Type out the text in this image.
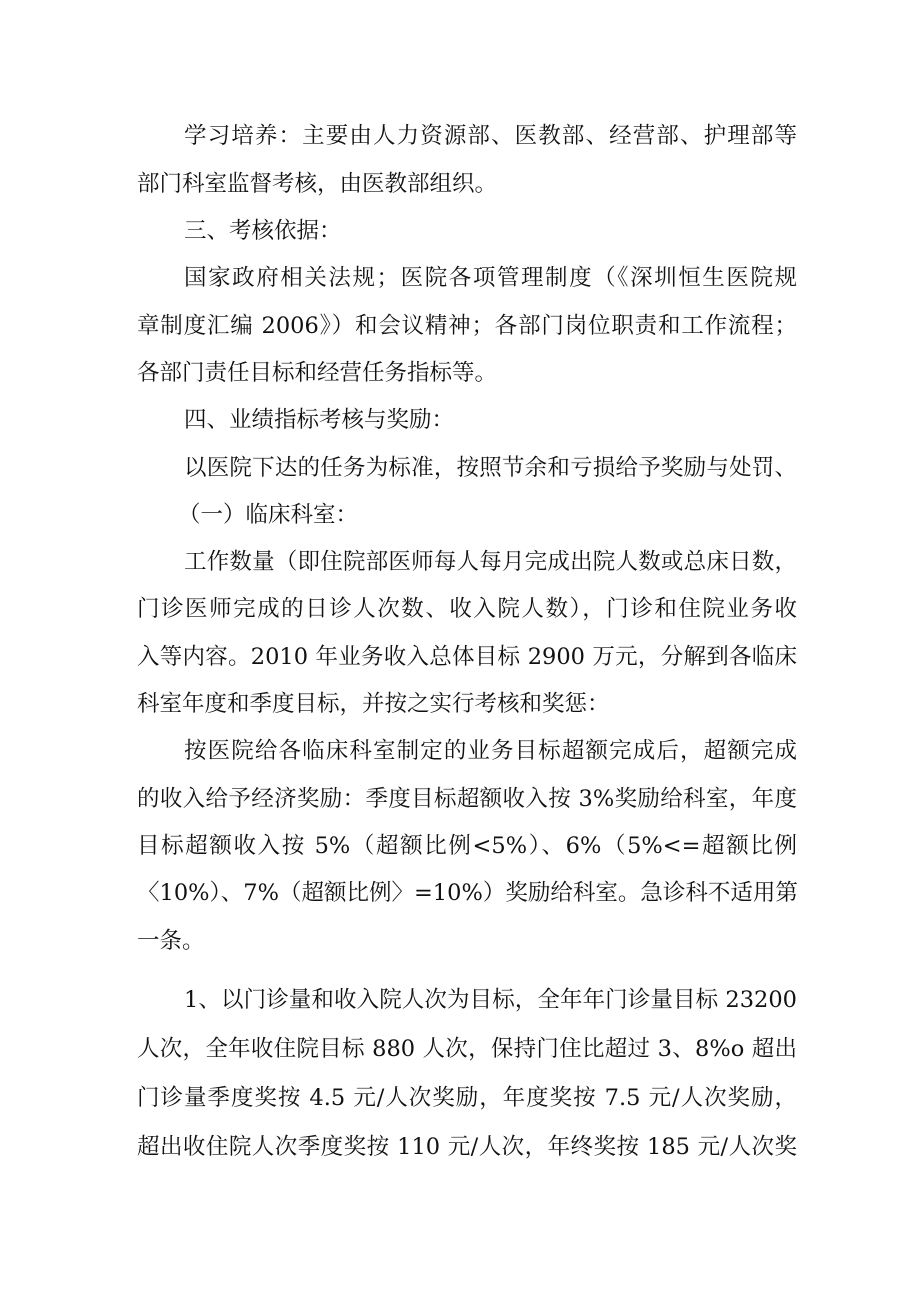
学习培养：主要由人力资源部、医教部、经营部、护理部等
部门科室监督考核，由医教部组织。
三、考核依据：
国家政府相关法规；医院各项管理制度（《深圳恒生医院规
章制度汇编 2006》）和会议精神；各部门岗位职责和工作流程；
各部门责任目标和经营任务指标等。
四、业绩指标考核与奖励：
以医院下达的任务为标准，按照节余和亏损给予奖励与处罚、
（一）临床科室：
工作数量（即住院部医师每人每月完成出院人数或总床日数，
门诊医师完成的日诊人次数、收入院人数），门诊和住院业务收
入等内容。2010 年业务收入总体目标 2900 万元，分解到各临床
科室年度和季度目标，并按之实行考核和奖惩：
按医院给各临床科室制定的业务目标超额完成后，超额完成
的收入给予经济奖励：季度目标超额收入按 3%奖励给科室，年度
目标超额收入按 5%（超额比例<5%）、6%（5%<=超额比例
〈10%）、7%（超额比例〉=10%）奖励给科室。急诊科不适用第
一条。
1、以门诊量和收入院人次为目标，全年年门诊量目标 23200
人次，全年收住院目标 880 人次，保持门住比超过 3、8%o 超出
门诊量季度奖按 4.5 元/人次奖励，年度奖按 7.5 元/人次奖励，
超出收住院人次季度奖按 110 元/人次，年终奖按 185 元/人次奖
